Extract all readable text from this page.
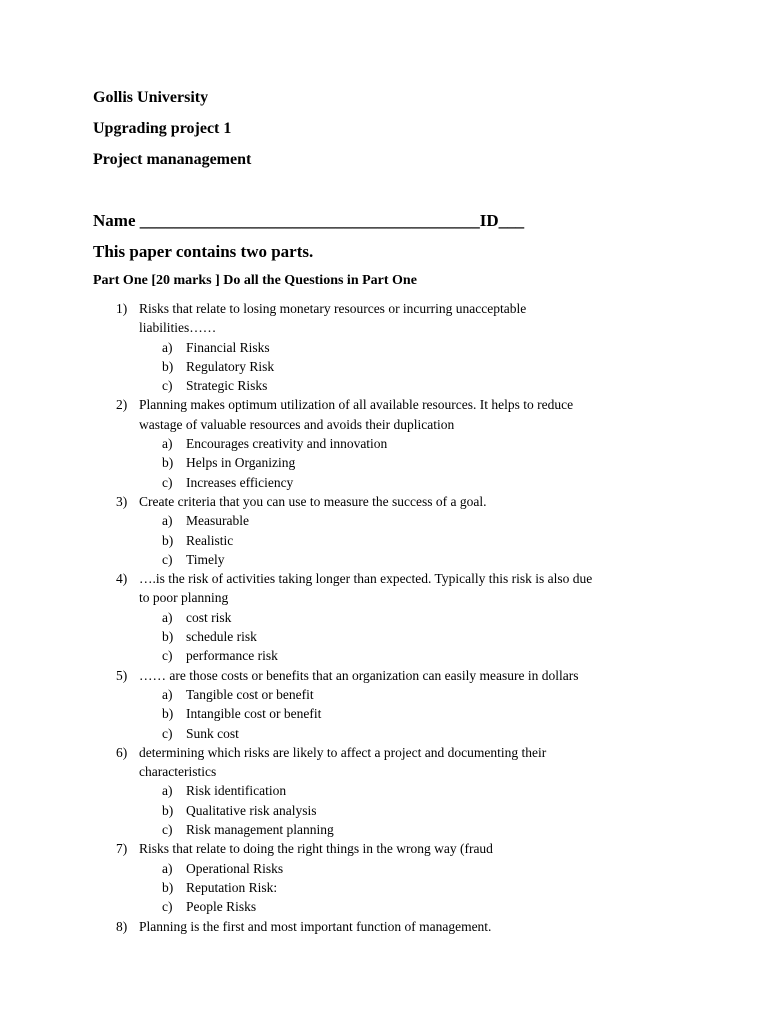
Gollis University
Upgrading project 1
Project mananagement
Name ________________________________________ID___
This paper contains two parts.
Part One [20 marks ] Do all the Questions in Part One
1) Risks that relate to losing monetary resources or incurring unacceptable
liabilities……
a) Financial Risks
b) Regulatory Risk
c) Strategic Risks
2) Planning makes optimum utilization of all available resources. It helps to reduce
wastage of valuable resources and avoids their duplication
a) Encourages creativity and innovation
b) Helps in Organizing
c) Increases efficiency
3) Create criteria that you can use to measure the success of a goal.
a) Measurable
b) Realistic
c) Timely
4) ….is the risk of activities taking longer than expected. Typically this risk is also due
to poor planning
a) cost risk
b) schedule risk
c) performance risk
5) …… are those costs or benefits that an organization can easily measure in dollars
a) Tangible cost or benefit
b) Intangible cost or benefit
c) Sunk cost
6) determining which risks are likely to affect a project and documenting their
characteristics
a) Risk identification
b) Qualitative risk analysis
c) Risk management planning
7) Risks that relate to doing the right things in the wrong way (fraud
a) Operational Risks
b) Reputation Risk:
c) People Risks
8) Planning is the first and most important function of management.
